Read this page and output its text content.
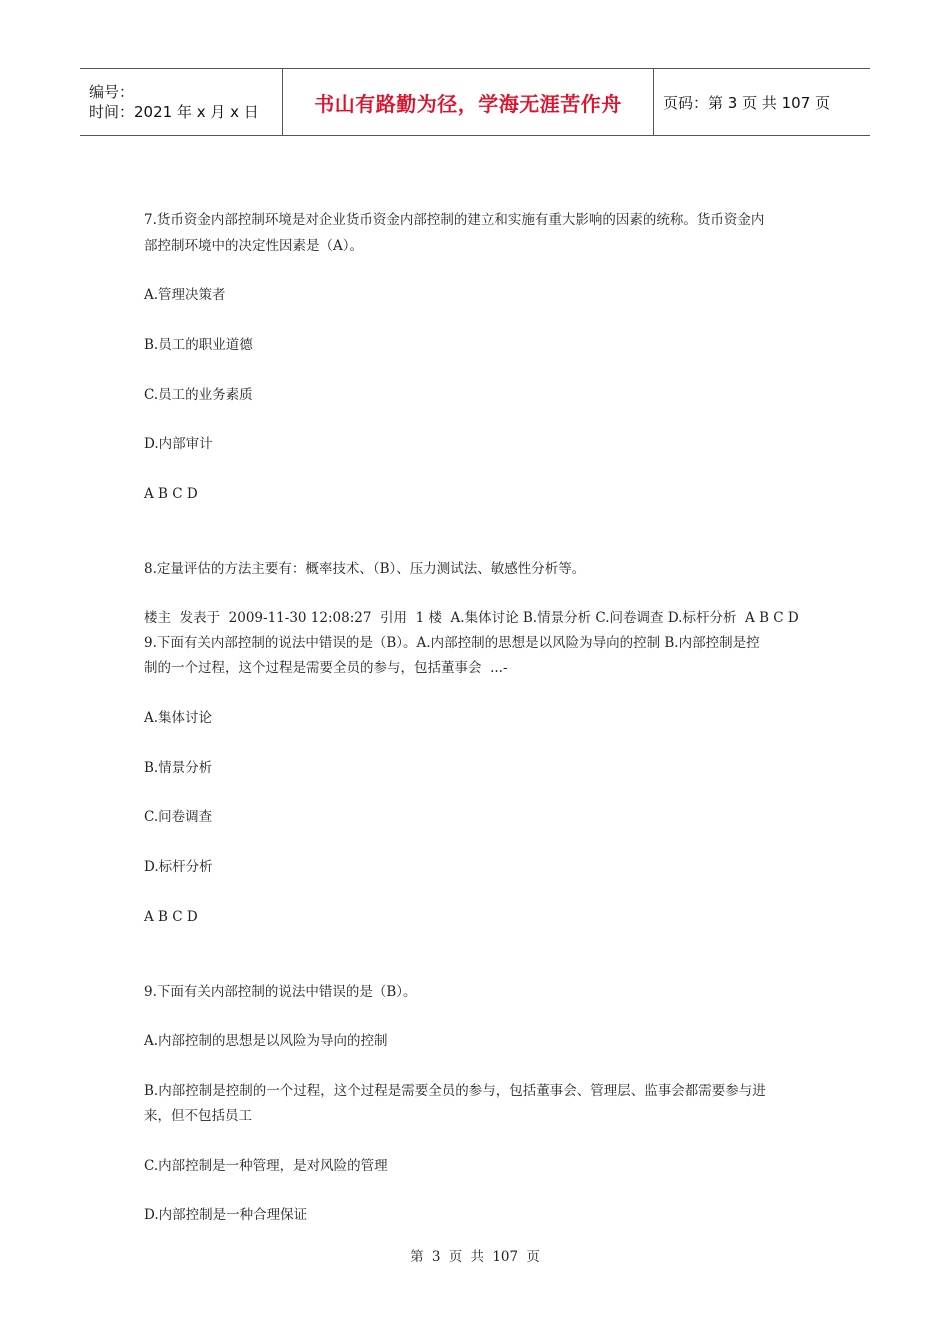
编号：
时间：2021 年 x 月 x 日	书山有路勤为径，学海无涯苦作舟	页码：第 3 页 共 107 页
7.货币资金内部控制环境是对企业货币资金内部控制的建立和实施有重大影响的因素的统称。货币资金内
部控制环境中的决定性因素是（A）。
A.管理决策者
B.员工的职业道德
C.员工的业务素质
D.内部审计
A B C D
8.定量评估的方法主要有：概率技术、（B）、压力测试法、敏感性分析等。
楼主  发表于  2009-11-30 12:08:27  引用  1 楼  A.集体讨论 B.情景分析 C.问卷调查 D.标杆分析  A B C D
9.下面有关内部控制的说法中错误的是（B）。A.内部控制的思想是以风险为导向的控制 B.内部控制是控
制的一个过程，这个过程是需要全员的参与，包括董事会  ...-
A.集体讨论
B.情景分析
C.问卷调查
D.标杆分析
A B C D
9.下面有关内部控制的说法中错误的是（B）。
A.内部控制的思想是以风险为导向的控制
B.内部控制是控制的一个过程，这个过程是需要全员的参与，包括董事会、管理层、监事会都需要参与进
来，但不包括员工
C.内部控制是一种管理，是对风险的管理
D.内部控制是一种合理保证
第 3 页 共 107 页
